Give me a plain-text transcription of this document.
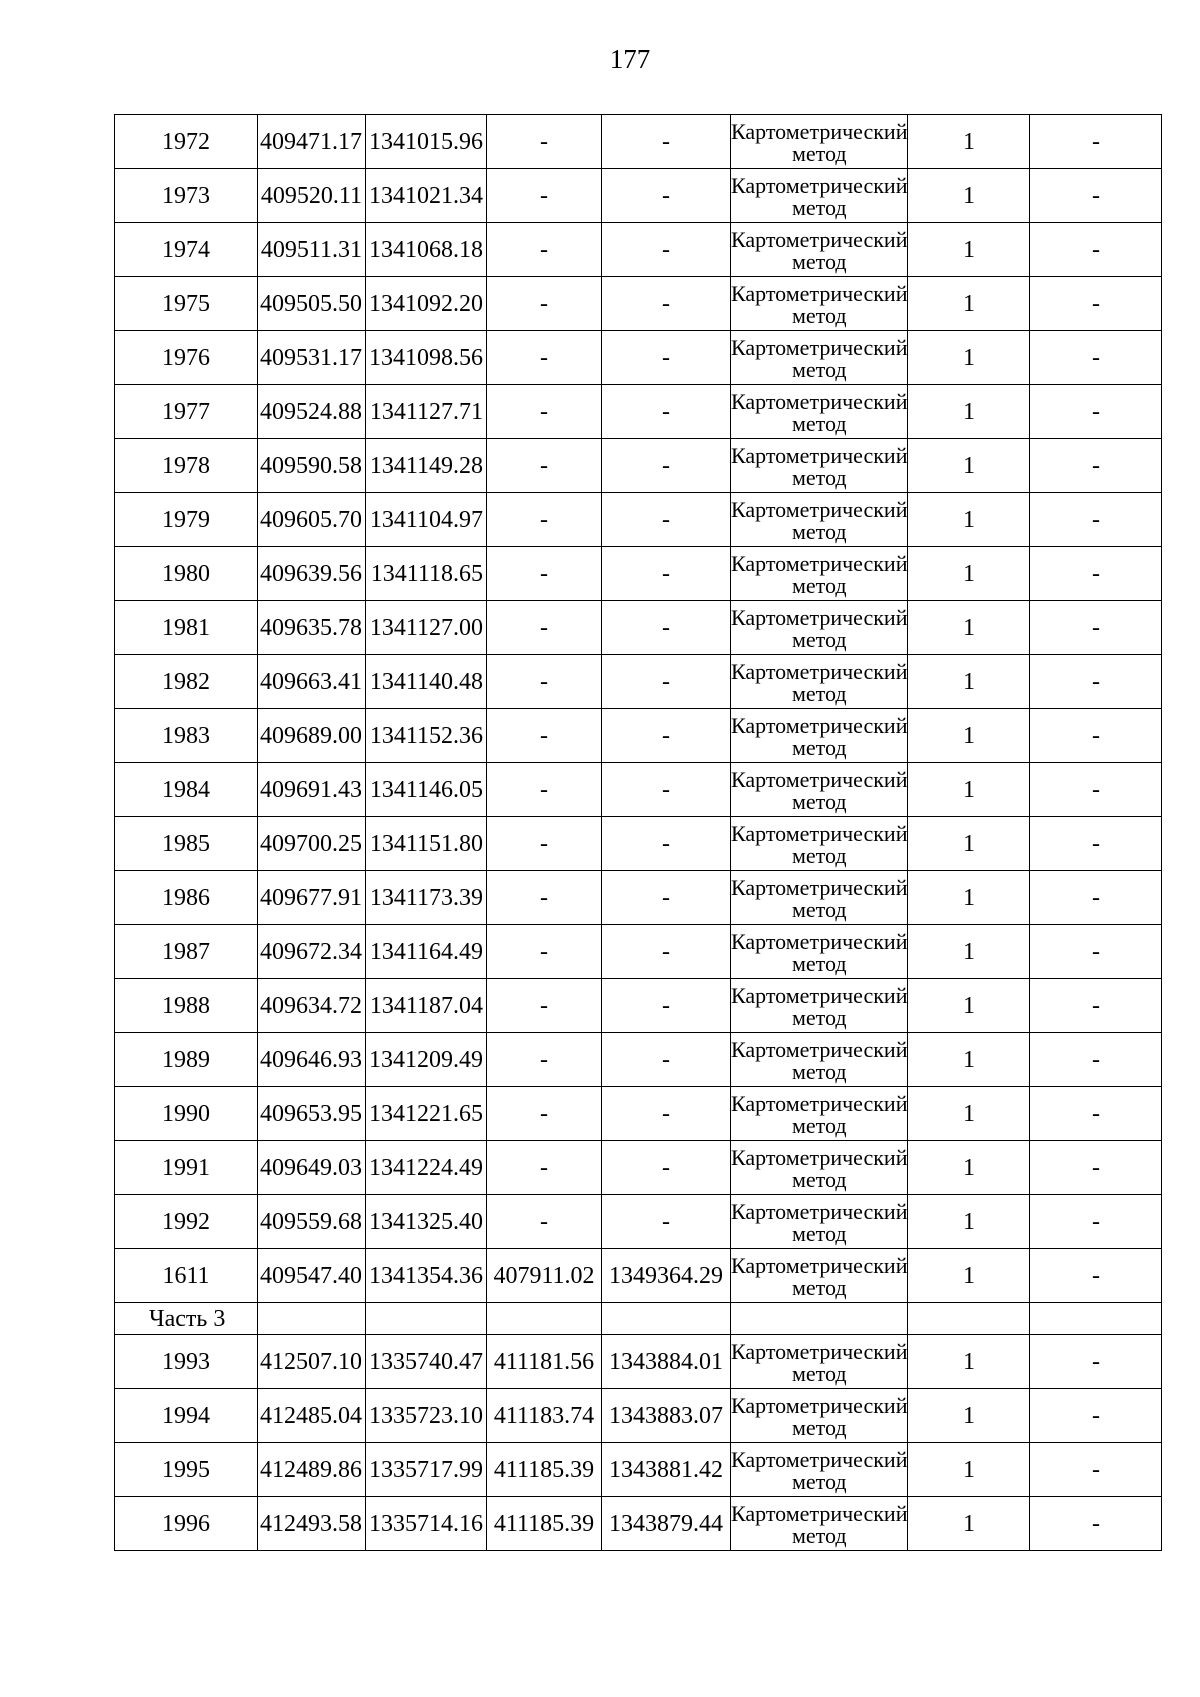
177
1972	409471.17	1341015.96	-	-	Картометрический метод	1	-
1973	409520.11	1341021.34	-	-	Картометрический метод	1	-
1974	409511.31	1341068.18	-	-	Картометрический метод	1	-
1975	409505.50	1341092.20	-	-	Картометрический метод	1	-
1976	409531.17	1341098.56	-	-	Картометрический метод	1	-
1977	409524.88	1341127.71	-	-	Картометрический метод	1	-
1978	409590.58	1341149.28	-	-	Картометрический метод	1	-
1979	409605.70	1341104.97	-	-	Картометрический метод	1	-
1980	409639.56	1341118.65	-	-	Картометрический метод	1	-
1981	409635.78	1341127.00	-	-	Картометрический метод	1	-
1982	409663.41	1341140.48	-	-	Картометрический метод	1	-
1983	409689.00	1341152.36	-	-	Картометрический метод	1	-
1984	409691.43	1341146.05	-	-	Картометрический метод	1	-
1985	409700.25	1341151.80	-	-	Картометрический метод	1	-
1986	409677.91	1341173.39	-	-	Картометрический метод	1	-
1987	409672.34	1341164.49	-	-	Картометрический метод	1	-
1988	409634.72	1341187.04	-	-	Картометрический метод	1	-
1989	409646.93	1341209.49	-	-	Картометрический метод	1	-
1990	409653.95	1341221.65	-	-	Картометрический метод	1	-
1991	409649.03	1341224.49	-	-	Картометрический метод	1	-
1992	409559.68	1341325.40	-	-	Картометрический метод	1	-
1611	409547.40	1341354.36	407911.02	1349364.29	Картометрический метод	1	-
Часть 3							
1993	412507.10	1335740.47	411181.56	1343884.01	Картометрический метод	1	-
1994	412485.04	1335723.10	411183.74	1343883.07	Картометрический метод	1	-
1995	412489.86	1335717.99	411185.39	1343881.42	Картометрический метод	1	-
1996	412493.58	1335714.16	411185.39	1343879.44	Картометрический метод	1	-
